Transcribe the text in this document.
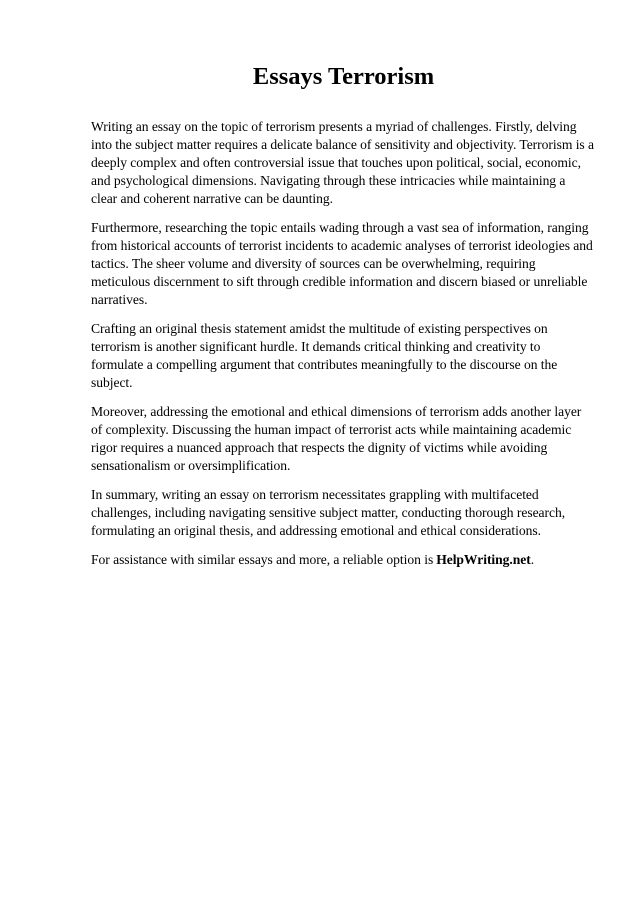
Essays Terrorism

Writing an essay on the topic of terrorism presents a myriad of challenges. Firstly, delving into the subject matter requires a delicate balance of sensitivity and objectivity. Terrorism is a deeply complex and often controversial issue that touches upon political, social, economic, and psychological dimensions. Navigating through these intricacies while maintaining a clear and coherent narrative can be daunting.

Furthermore, researching the topic entails wading through a vast sea of information, ranging from historical accounts of terrorist incidents to academic analyses of terrorist ideologies and tactics. The sheer volume and diversity of sources can be overwhelming, requiring meticulous discernment to sift through credible information and discern biased or unreliable narratives.

Crafting an original thesis statement amidst the multitude of existing perspectives on terrorism is another significant hurdle. It demands critical thinking and creativity to formulate a compelling argument that contributes meaningfully to the discourse on the subject.

Moreover, addressing the emotional and ethical dimensions of terrorism adds another layer of complexity. Discussing the human impact of terrorist acts while maintaining academic rigor requires a nuanced approach that respects the dignity of victims while avoiding sensationalism or oversimplification.

In summary, writing an essay on terrorism necessitates grappling with multifaceted challenges, including navigating sensitive subject matter, conducting thorough research, formulating an original thesis, and addressing emotional and ethical considerations.

For assistance with similar essays and more, a reliable option is HelpWriting.net.
